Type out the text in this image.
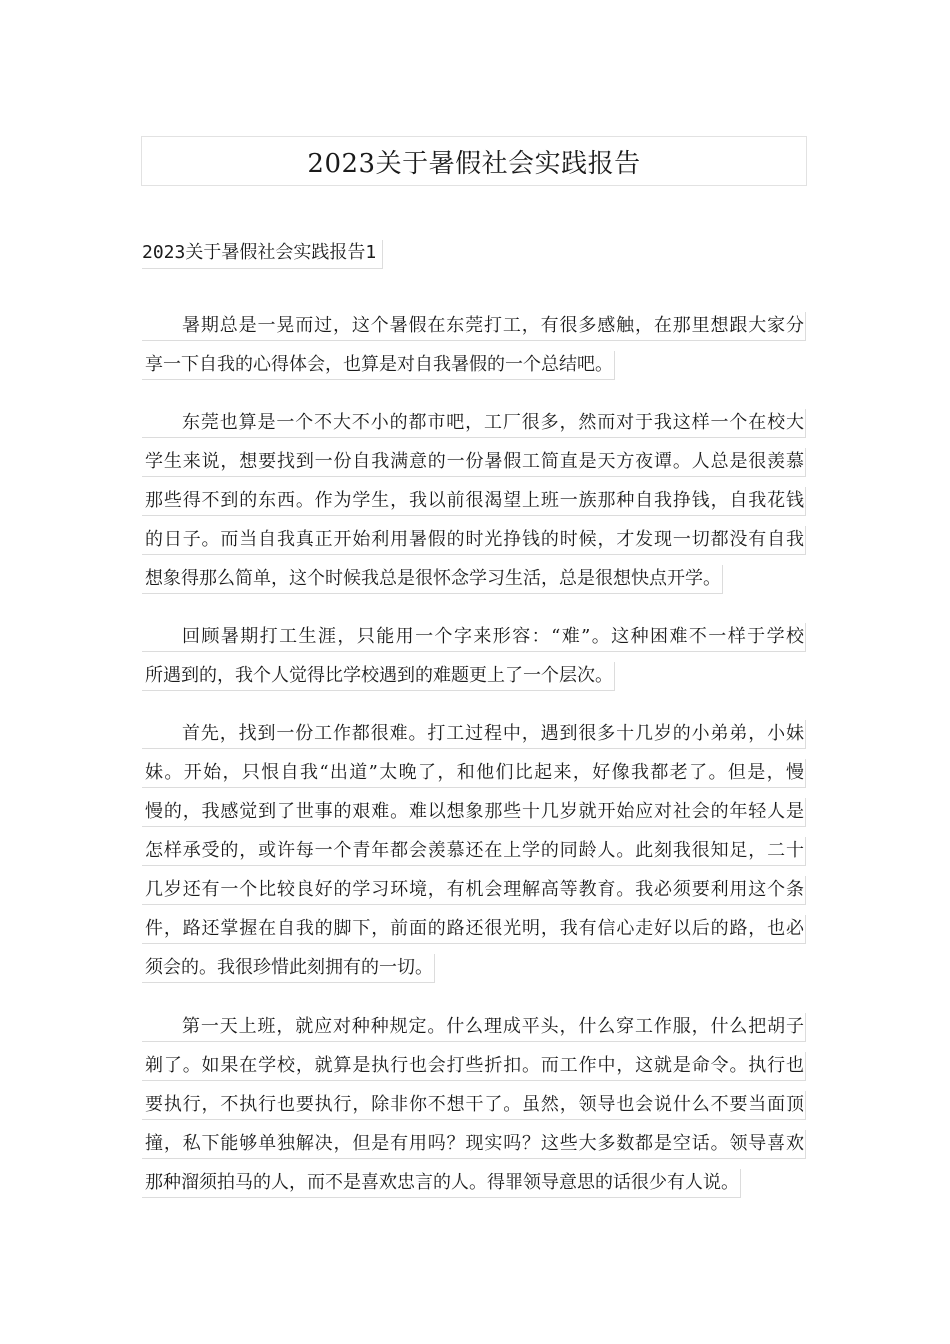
2023关于暑假社会实践报告
2023关于暑假社会实践报告1
暑期总是一晃而过，这个暑假在东莞打工，有很多感触，在那里想跟大家分
享一下自我的心得体会，也算是对自我暑假的一个总结吧。
东莞也算是一个不大不小的都市吧，工厂很多，然而对于我这样一个在校大
学生来说，想要找到一份自我满意的一份暑假工简直是天方夜谭。人总是很羡慕
那些得不到的东西。作为学生，我以前很渴望上班一族那种自我挣钱，自我花钱
的日子。而当自我真正开始利用暑假的时光挣钱的时候，才发现一切都没有自我
想象得那么简单，这个时候我总是很怀念学习生活，总是很想快点开学。
回顾暑期打工生涯，只能用一个字来形容：“难”。这种困难不一样于学校
所遇到的，我个人觉得比学校遇到的难题更上了一个层次。
首先，找到一份工作都很难。打工过程中，遇到很多十几岁的小弟弟，小妹
妹。开始，只恨自我“出道”太晚了，和他们比起来，好像我都老了。但是，慢
慢的，我感觉到了世事的艰难。难以想象那些十几岁就开始应对社会的年轻人是
怎样承受的，或许每一个青年都会羡慕还在上学的同龄人。此刻我很知足，二十
几岁还有一个比较良好的学习环境，有机会理解高等教育。我必须要利用这个条
件，路还掌握在自我的脚下，前面的路还很光明，我有信心走好以后的路，也必
须会的。我很珍惜此刻拥有的一切。
第一天上班，就应对种种规定。什么理成平头，什么穿工作服，什么把胡子
剃了。如果在学校，就算是执行也会打些折扣。而工作中，这就是命令。执行也
要执行，不执行也要执行，除非你不想干了。虽然，领导也会说什么不要当面顶
撞，私下能够单独解决，但是有用吗？现实吗？这些大多数都是空话。领导喜欢
那种溜须拍马的人，而不是喜欢忠言的人。得罪领导意思的话很少有人说。
